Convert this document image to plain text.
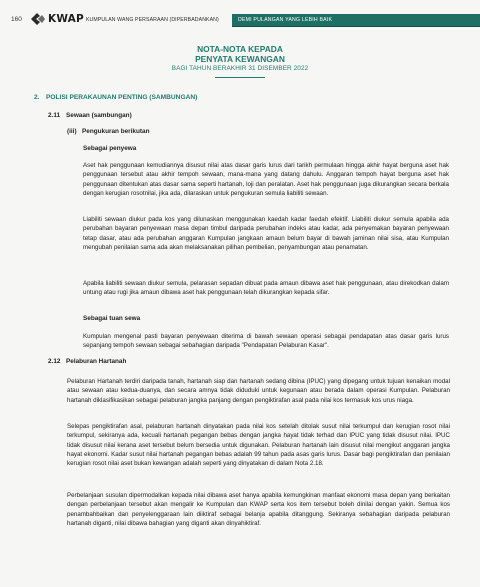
160 KWAP KUMPULAN WANG PERSARAAN (DIPERBADANKAN)	DEMI PULANGAN YANG LEBIH BAIK
NOTA-NOTA KEPADA
PENYATA KEWANGAN
BAGI TAHUN BERAKHIR 31 DISEMBER 2022
2. POLISI PERAKAUNAN PENTING (SAMBUNGAN)
2.11 Sewaan (sambungan)
(iii) Pengukuran berikutan
Sebagai penyewa

Aset hak penggunaan kemudiannya disusut nilai atas dasar garis lurus dari tarikh permulaan hingga akhir hayat berguna aset hak penggunaan tersebut atau akhir tempoh sewaan, mana-mana yang datang dahulu. Anggaran tempoh hayat berguna aset hak penggunaan ditentukan atas dasar sama seperti hartanah, loji dan peralatan. Aset hak penggunaan juga dikurangkan secara berkala dengan kerugian rosotnilai, jika ada, dilaraskan untuk pengukuran semula liabiliti sewaan.

Liabiliti sewaan diukur pada kos yang dilunaskan menggunakan kaedah kadar faedah efektif. Liabiliti diukur semula apabila ada perubahan bayaran penyewaan masa depan timbul daripada perubahan indeks atau kadar, ada penyemakan bayaran penyewaan tetap dasar, atau ada perubahan anggaran Kumpulan jangkaan amaun belum bayar di bawah jaminan nilai sisa, atau Kumpulan mengubah penilaian sama ada akan melaksanakan pilihan pembelian, penyambungan atau penamatan.

Apabila liabiliti sewaan diukur semula, pelarasan sepadan dibuat pada amaun dibawa aset hak penggunaan, atau direkodkan dalam untung atau rugi jika amaun dibawa aset hak penggunaan telah dikurangkan kepada sifar.

Sebagai tuan sewa

Kumpulan mengenal pasti bayaran penyewaan diterima di bawah sewaan operasi sebagai pendapatan atas dasar garis lurus sepanjang tempoh sewaan sebagai sebahagian daripada "Pendapatan Pelaburan Kasar".

2.12 Pelaburan Hartanah

Pelaburan Hartanah terdiri daripada tanah, hartanah siap dan hartanah sedang dibina (IPUC) yang dipegang untuk tujuan kenaikan modal atau sewaan atau kedua-duanya, dan secara amnya tidak diduduki untuk kegunaan atau berada dalam operasi Kumpulan. Pelaburan hartanah diklasifikasikan sebagai pelaburan jangka panjang dengan pengiktirafan asal pada nilai kos termasuk kos urus niaga.

Selepas pengiktirafan asal, pelaburan hartanah dinyatakan pada nilai kos setelah ditolak susut nilai terkumpul dan kerugian rosot nilai terkumpul, sekiranya ada, kecuali hartanah pegangan bebas dengan jangka hayat tidak terhad dan IPUC yang tidak disusut nilai. IPUC tidak disusut nilai kerana aset tersebut belum bersedia untuk digunakan. Pelaburan hartanah lain disusut nilai mengikut anggaran jangka hayat ekonomi. Kadar susut nilai hartanah pegangan bebas adalah 99 tahun pada asas garis lurus. Dasar bagi pengiktirafan dan penilaian kerugian rosot nilai aset bukan kewangan adalah seperti yang dinyatakan di dalam Nota 2.18.

Perbelanjaan susulan dipermodalkan kepada nilai dibawa aset hanya apabila kemungkinan manfaat ekonomi masa depan yang berkaitan dengan perbelanjaan tersebut akan mengalir ke Kumpulan dan KWAP serta kos item tersebut boleh dinilai dengan yakin. Semua kos penambahbaikan dan penyelenggaraan lain diiktiraf sebagai belanja apabila ditanggung. Sekiranya sebahagian daripada pelaburan hartanah diganti, nilai dibawa bahagian yang diganti akan dinyahiktiraf.
